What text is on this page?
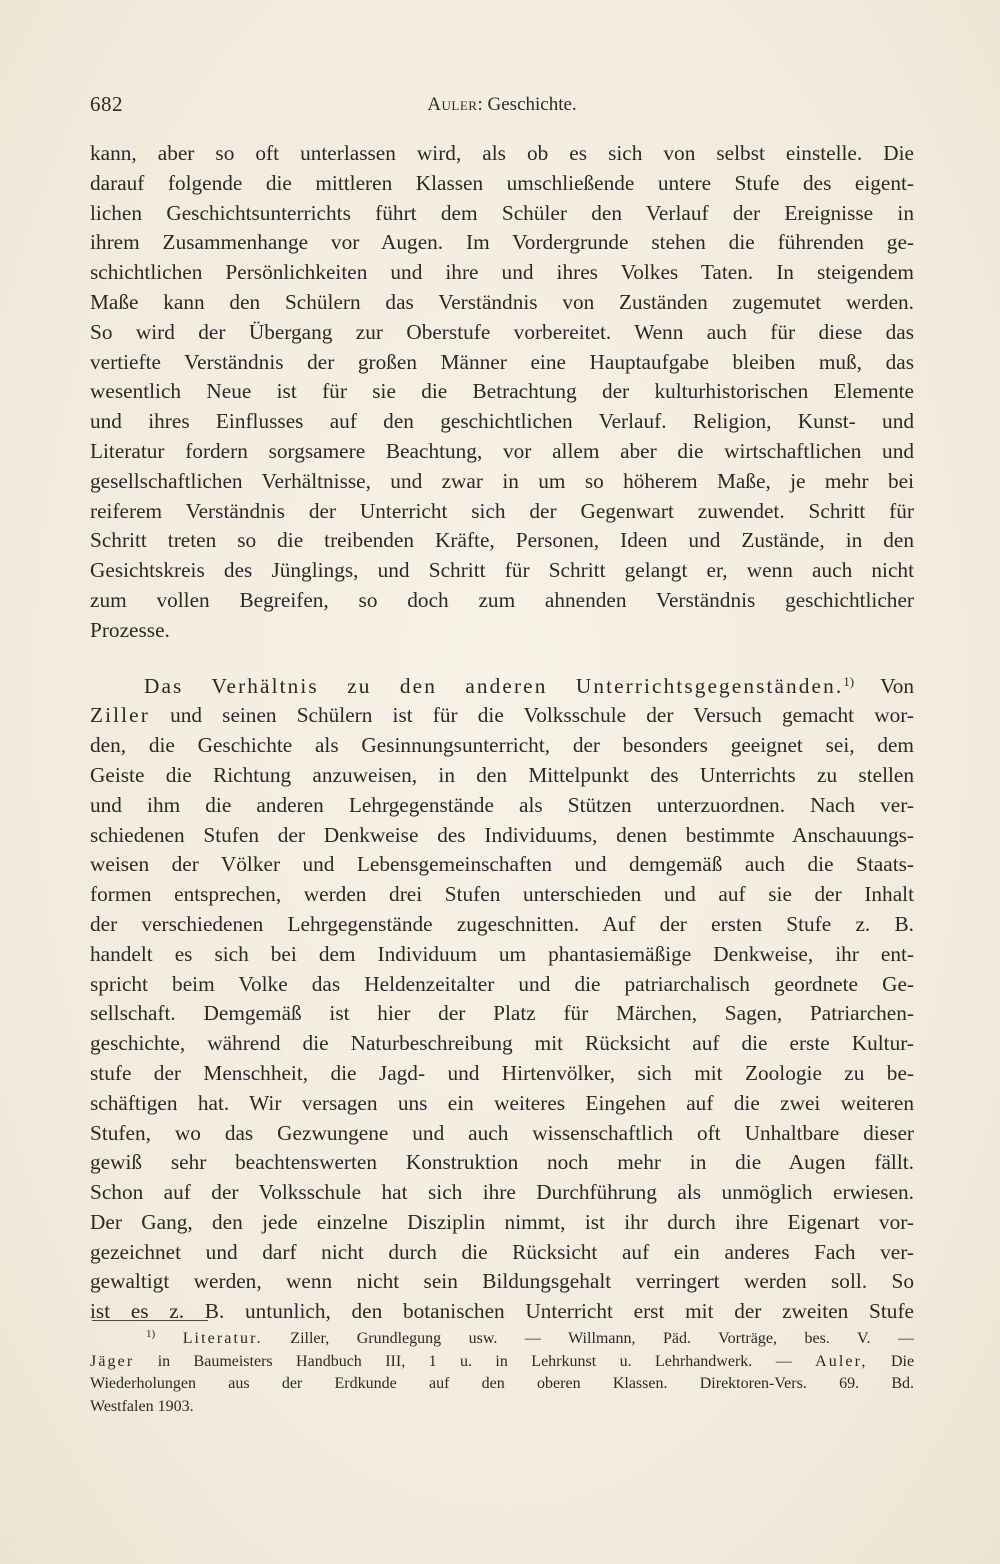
682	Auler: Geschichte.
kann, aber so oft unterlassen wird, als ob es sich von selbst einstelle. Die
darauf folgende die mittleren Klassen umschließende untere Stufe des eigent-
lichen Geschichtsunterrichts führt dem Schüler den Verlauf der Ereignisse in
ihrem Zusammenhange vor Augen. Im Vordergrunde stehen die führenden ge-
schichtlichen Persönlichkeiten und ihre und ihres Volkes Taten. In steigendem
Maße kann den Schülern das Verständnis von Zuständen zugemutet werden.
So wird der Übergang zur Oberstufe vorbereitet. Wenn auch für diese das
vertiefte Verständnis der großen Männer eine Hauptaufgabe bleiben muß, das
wesentlich Neue ist für sie die Betrachtung der kulturhistorischen Elemente
und ihres Einflusses auf den geschichtlichen Verlauf. Religion, Kunst- und
Literatur fordern sorgsamere Beachtung, vor allem aber die wirtschaftlichen und
gesellschaftlichen Verhältnisse, und zwar in um so höherem Maße, je mehr bei
reiferem Verständnis der Unterricht sich der Gegenwart zuwendet. Schritt für
Schritt treten so die treibenden Kräfte, Personen, Ideen und Zustände, in den
Gesichtskreis des Jünglings, und Schritt für Schritt gelangt er, wenn auch nicht
zum vollen Begreifen, so doch zum ahnenden Verständnis geschichtlicher
Prozesse.
Das Verhältnis zu den anderen Unterrichtsgegenständen.$^{1)}$ Von
Ziller und seinen Schülern ist für die Volksschule der Versuch gemacht wor-
den, die Geschichte als Gesinnungsunterricht, der besonders geeignet sei, dem
Geiste die Richtung anzuweisen, in den Mittelpunkt des Unterrichts zu stellen
und ihm die anderen Lehrgegenstände als Stützen unterzuordnen. Nach ver-
schiedenen Stufen der Denkweise des Individuums, denen bestimmte Anschauungs-
weisen der Völker und Lebensgemeinschaften und demgemäß auch die Staats-
formen entsprechen, werden drei Stufen unterschieden und auf sie der Inhalt
der verschiedenen Lehrgegenstände zugeschnitten. Auf der ersten Stufe z. B.
handelt es sich bei dem Individuum um phantasiemäßige Denkweise, ihr ent-
spricht beim Volke das Heldenzeitalter und die patriarchalisch geordnete Ge-
sellschaft. Demgemäß ist hier der Platz für Märchen, Sagen, Patriarchen-
geschichte, während die Naturbeschreibung mit Rücksicht auf die erste Kultur-
stufe der Menschheit, die Jagd- und Hirtenvölker, sich mit Zoologie zu be-
schäftigen hat. Wir versagen uns ein weiteres Eingehen auf die zwei weiteren
Stufen, wo das Gezwungene und auch wissenschaftlich oft Unhaltbare dieser
gewiß sehr beachtenswerten Konstruktion noch mehr in die Augen fällt.
Schon auf der Volksschule hat sich ihre Durchführung als unmöglich erwiesen.
Der Gang, den jede einzelne Disziplin nimmt, ist ihr durch ihre Eigenart vor-
gezeichnet und darf nicht durch die Rücksicht auf ein anderes Fach ver-
gewaltigt werden, wenn nicht sein Bildungsgehalt verringert werden soll. So
ist es z. B. untunlich, den botanischen Unterricht erst mit der zweiten Stufe
$^{1)}$ Literatur. Ziller, Grundlegung usw. — Willmann, Päd. Vorträge, bes. V. —
Jäger in Baumeisters Handbuch III, 1 u. in Lehrkunst u. Lehrhandwerk. — Auler, Die
Wiederholungen aus der Erdkunde auf den oberen Klassen. Direktoren-Vers. 69. Bd.
Westfalen 1903.
